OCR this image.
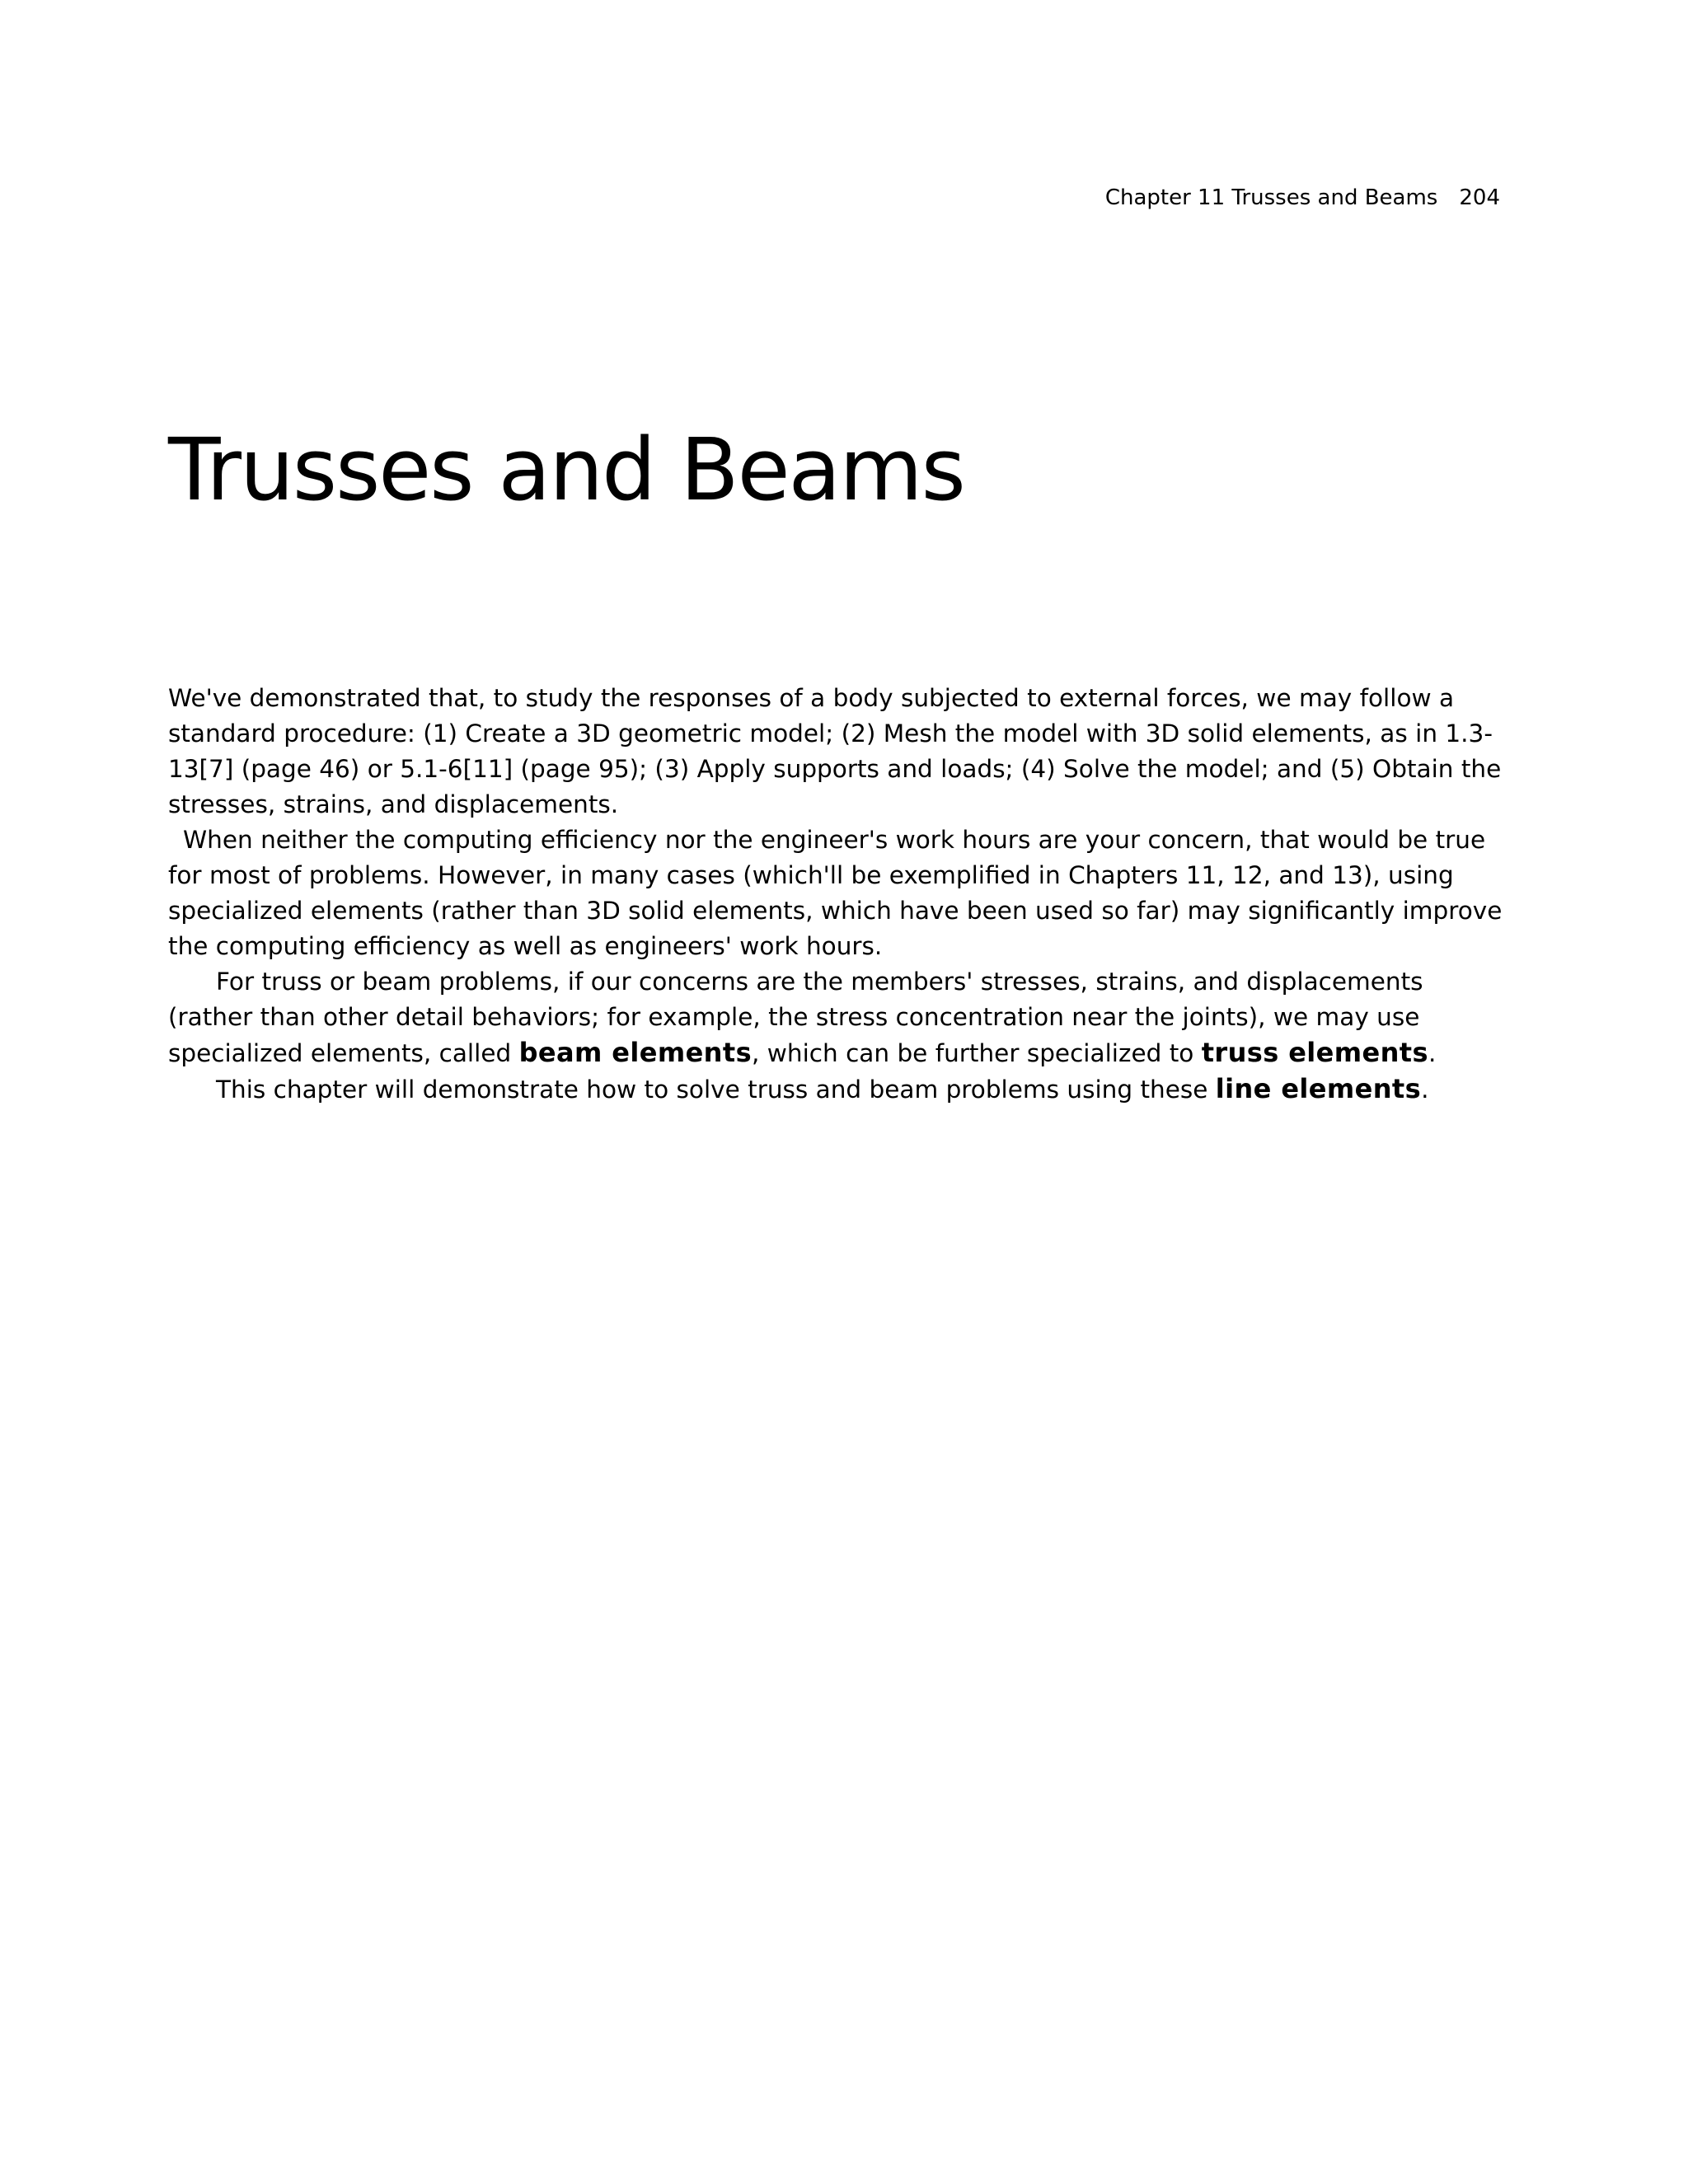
Chapter 11 Trusses and Beams 204
Trusses and Beams

We've demonstrated that, to study the responses of a body subjected to external forces, we may follow a standard procedure: (1) Create a 3D geometric model; (2) Mesh the model with 3D solid elements, as in 1.3-13[7] (page 46) or 5.1-6[11] (page 95); (3) Apply supports and loads; (4) Solve the model; and (5) Obtain the stresses, strains, and displacements.

When neither the computing efficiency nor the engineer's work hours are your concern, that would be true for most of problems. However, in many cases (which'll be exemplified in Chapters 11, 12, and 13), using specialized elements (rather than 3D solid elements, which have been used so far) may significantly improve the computing efficiency as well as engineers' work hours.

For truss or beam problems, if our concerns are the members' stresses, strains, and displacements (rather than other detail behaviors; for example, the stress concentration near the joints), we may use specialized elements, called beam elements, which can be further specialized to truss elements.

This chapter will demonstrate how to solve truss and beam problems using these line elements.
